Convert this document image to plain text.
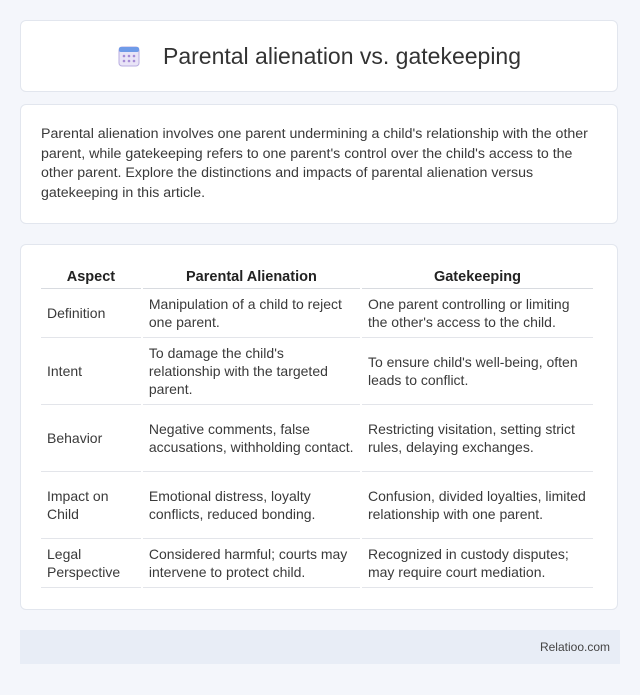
Parental alienation vs. gatekeeping

Parental alienation involves one parent undermining a child's relationship with the other parent, while gatekeeping refers to one parent's control over the child's access to the other parent. Explore the distinctions and impacts of parental alienation versus gatekeeping in this article.

Aspect	Parental Alienation	Gatekeeping
Definition	Manipulation of a child to reject one parent.	One parent controlling or limiting the other's access to the child.
Intent	To damage the child's relationship with the targeted parent.	To ensure child's well-being, often leads to conflict.
Behavior	Negative comments, false accusations, withholding contact.	Restricting visitation, setting strict rules, delaying exchanges.
Impact on Child	Emotional distress, loyalty conflicts, reduced bonding.	Confusion, divided loyalties, limited relationship with one parent.
Legal Perspective	Considered harmful; courts may intervene to protect child.	Recognized in custody disputes; may require court mediation.
Relatioo.com
